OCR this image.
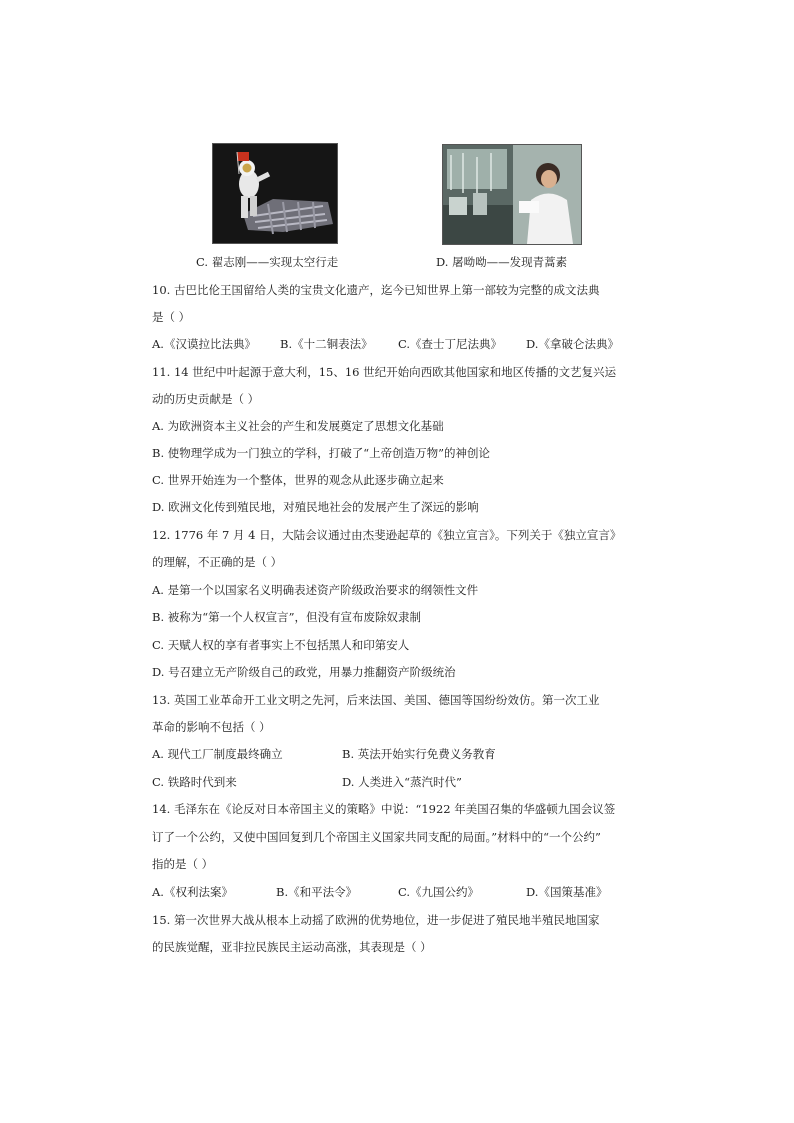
C. 翟志刚——实现太空行走	D. 屠呦呦——发现青蒿素
10. 古巴比伦王国留给人类的宝贵文化遗产，迄今已知世界上第一部较为完整的成文法典
是（ ）
A.《汉谟拉比法典》 B.《十二铜表法》 C.《查士丁尼法典》 D.《拿破仑法典》
11. 14 世纪中叶起源于意大利，15、16 世纪开始向西欧其他国家和地区传播的文艺复兴运
动的历史贡献是（ ）
A. 为欧洲资本主义社会的产生和发展奠定了思想文化基础
B. 使物理学成为一门独立的学科，打破了“上帝创造万物”的神创论
C. 世界开始连为一个整体，世界的观念从此逐步确立起来
D. 欧洲文化传到殖民地，对殖民地社会的发展产生了深远的影响
12. 1776 年 7 月 4 日，大陆会议通过由杰斐逊起草的《独立宣言》。下列关于《独立宣言》
的理解，不正确的是（ ）
A. 是第一个以国家名义明确表述资产阶级政治要求的纲领性文件
B. 被称为“第一个人权宣言”，但没有宣布废除奴隶制
C. 天赋人权的享有者事实上不包括黑人和印第安人
D. 号召建立无产阶级自己的政党，用暴力推翻资产阶级统治
13. 英国工业革命开工业文明之先河，后来法国、美国、德国等国纷纷效仿。第一次工业
革命的影响不包括（ ）
A. 现代工厂制度最终确立	B. 英法开始实行免费义务教育
C. 铁路时代到来	D. 人类进入“蒸汽时代”
14. 毛泽东在《论反对日本帝国主义的策略》中说：“1922 年美国召集的华盛顿九国会议签
订了一个公约，又使中国回复到几个帝国主义国家共同支配的局面。”材料中的“一个公约”
指的是（ ）
A.《权利法案》	B.《和平法令》	C.《九国公约》	D.《国策基准》
15. 第一次世界大战从根本上动摇了欧洲的优势地位，进一步促进了殖民地半殖民地国家
的民族觉醒，亚非拉民族民主运动高涨，其表现是（ ）
